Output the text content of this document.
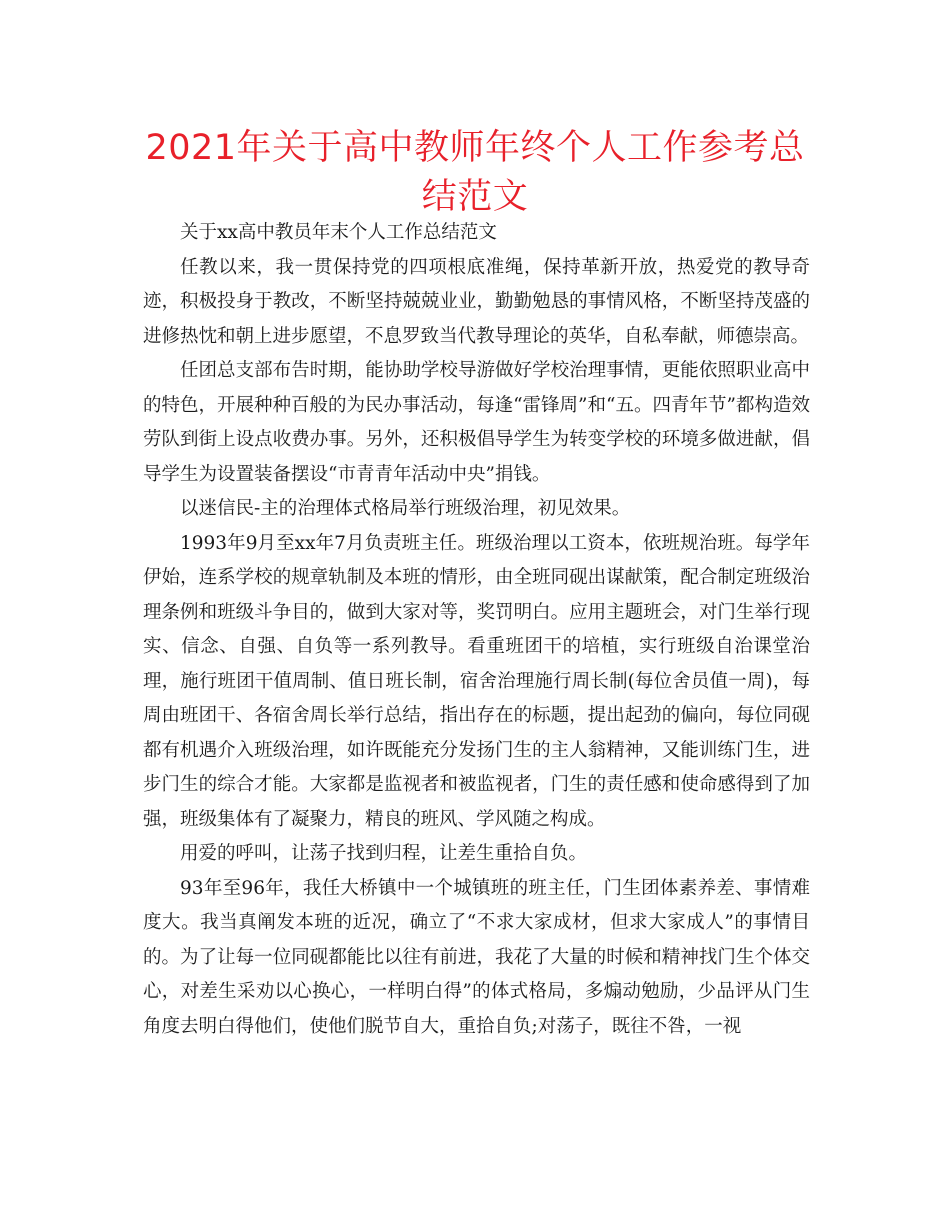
2021年关于高中教师年终个人工作参考总结范文

关于xx高中教员年末个人工作总结范文

任教以来，我一贯保持党的四项根底准绳，保持革新开放，热爱党的教导奇迹，积极投身于教改，不断坚持兢兢业业，勤勤勉恳的事情风格，不断坚持茂盛的进修热忱和朝上进步愿望，不息罗致当代教导理论的英华，自私奉献，师德崇高。

任团总支部布告时期，能协助学校导游做好学校治理事情，更能依照职业高中的特色，开展种种百般的为民办事活动，每逢“雷锋周”和“五。四青年节”都构造效劳队到街上设点收费办事。另外，还积极倡导学生为转变学校的环境多做进献，倡导学生为设置装备摆设“市青青年活动中央”捐钱。

以迷信民-主的治理体式格局举行班级治理，初见效果。

1993年9月至xx年7月负责班主任。班级治理以工资本，依班规治班。每学年伊始，连系学校的规章轨制及本班的情形，由全班同砚出谋献策，配合制定班级治理条例和班级斗争目的，做到大家对等，奖罚明白。应用主题班会，对门生举行现实、信念、自强、自负等一系列教导。看重班团干的培植，实行班级自治课堂治理，施行班团干值周制、值日班长制，宿舍治理施行周长制(每位舍员值一周)，每周由班团干、各宿舍周长举行总结，指出存在的标题，提出起劲的偏向，每位同砚都有机遇介入班级治理，如许既能充分发扬门生的主人翁精神，又能训练门生，进步门生的综合才能。大家都是监视者和被监视者，门生的责任感和使命感得到了加强，班级集体有了凝聚力，精良的班风、学风随之构成。

用爱的呼叫，让荡子找到归程，让差生重拾自负。

93年至96年，我任大桥镇中一个城镇班的班主任，门生团体素养差、事情难度大。我当真阐发本班的近况，确立了“不求大家成材，但求大家成人”的事情目的。为了让每一位同砚都能比以往有前进，我花了大量的时候和精神找门生个体交心，对差生采劝以心换心，一样明白得”的体式格局，多煽动勉励，少品评从门生角度去明白得他们，使他们脱节自大，重拾自负;对荡子，既往不咎，一视
